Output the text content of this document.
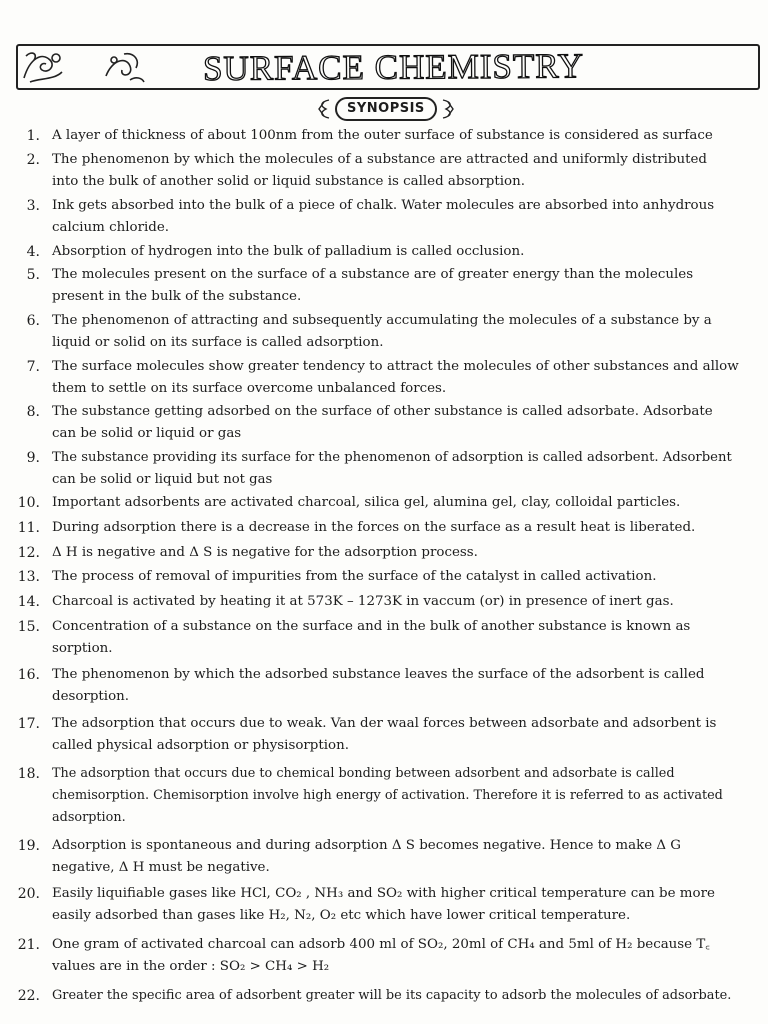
SURFACE CHEMISTRY
SYNOPSIS
1. A layer of thickness of about 100nm from the outer surface of substance is considered as surface
2. The phenomenon by which the molecules of a substance are attracted and uniformly distributed
into the bulk of another solid or liquid substance is called absorption.
3. Ink gets absorbed into the bulk of a piece of chalk. Water molecules are absorbed into anhydrous
calcium chloride.
4. Absorption of hydrogen into the bulk of palladium is called occlusion.
5. The molecules present on the surface of a substance are of greater energy than the molecules
present in the bulk of the substance.
6. The phenomenon of attracting and subsequently accumulating the molecules of a substance by a
liquid or solid on its surface is called adsorption.
7. The surface molecules show greater tendency to attract the molecules of other substances and allow
them to settle on its surface overcome unbalanced forces.
8. The substance getting adsorbed on the surface of other substance is called adsorbate. Adsorbate
can be solid or liquid or gas
9. The substance providing its surface for the phenomenon of adsorption is called adsorbent. Adsorbent
can be solid or liquid but not gas
10. Important adsorbents are activated charcoal, silica gel, alumina gel, clay, colloidal particles.
11. During adsorption there is a decrease in the forces on the surface as a result heat is liberated.
12. Δ H is negative and Δ S is negative for the adsorption process.
13. The process of removal of impurities from the surface of the catalyst in called activation.
14. Charcoal is activated by heating it at 573K – 1273K in vaccum (or) in presence of inert gas.
15. Concentration of a substance on the surface and in the bulk of another substance is known as
sorption.
16. The phenomenon by which the adsorbed substance leaves the surface of the adsorbent is called
desorption.
17. The adsorption that occurs due to weak. Van der waal forces between adsorbate and adsorbent is
called physical adsorption or physisorption.
18. The adsorption that occurs due to chemical bonding between adsorbent and adsorbate is called
chemisorption. Chemisorption involve high energy of activation. Therefore it is referred to as activated
adsorption.
19. Adsorption is spontaneous and during adsorption Δ S becomes negative. Hence to make Δ G
negative, Δ H must be negative.
20. Easily liquifiable gases like HCl, CO₂ , NH₃ and SO₂ with higher critical temperature can be more
easily adsorbed than gases like H₂, N₂, O₂ etc which have lower critical temperature.
21. One gram of activated charcoal can adsorb 400 ml of SO₂, 20ml of CH₄ and 5ml of H₂ because T꜀
values are in the order : SO₂ > CH₄ > H₂
22. Greater the specific area of adsorbent greater will be its capacity to adsorb the molecules of adsorbate.
